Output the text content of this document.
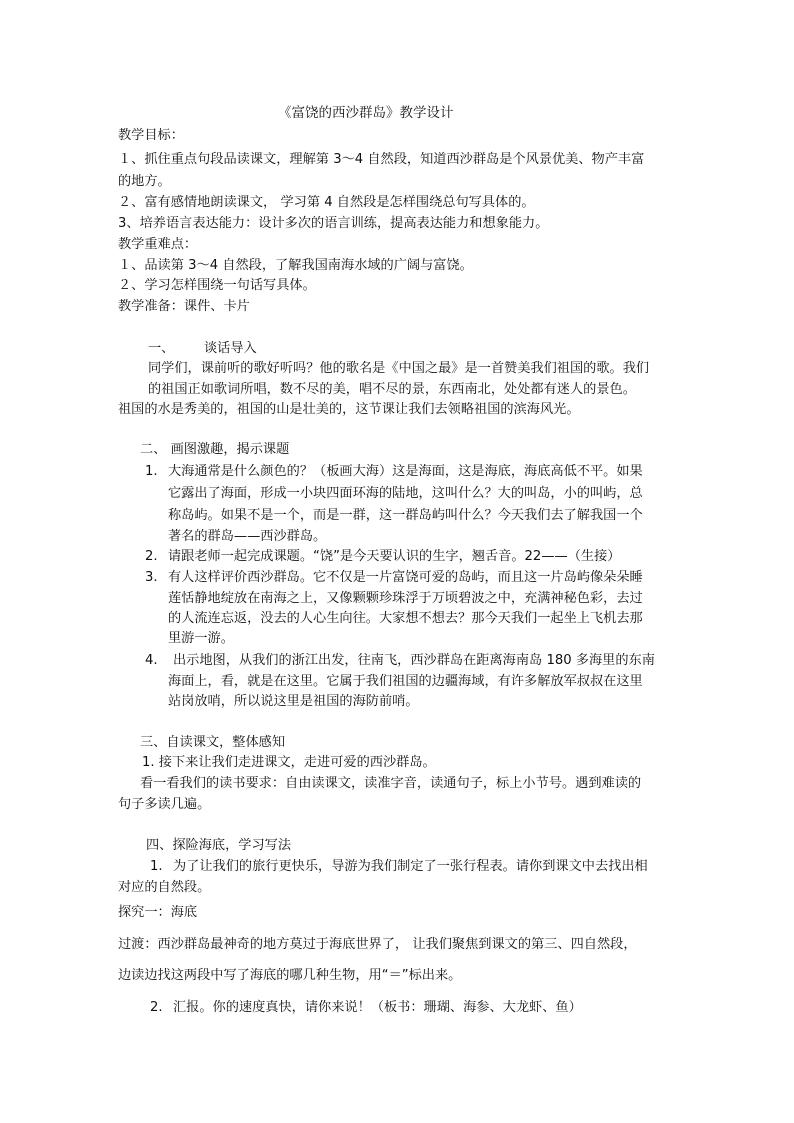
《富饶的西沙群岛》教学设计
教学目标：
１、抓住重点句段品读课文，理解第 3～4 自然段，知道西沙群岛是个风景优美、物产丰富
的地方。
２、富有感情地朗读课文， 学习第 4 自然段是怎样围绕总句写具体的。
3、培养语言表达能力：设计多次的语言训练，提高表达能力和想象能力。
教学重难点：
１、品读第 3～4 自然段，了解我国南海水域的广阔与富饶。
２、学习怎样围绕一句话写具体。
教学准备：课件、卡片
一、 谈话导入
同学们，课前听的歌好听吗？他的歌名是《中国之最》是一首赞美我们祖国的歌。我们
的祖国正如歌词所唱，数不尽的美，唱不尽的景，东西南北，处处都有迷人的景色。
祖国的水是秀美的，祖国的山是壮美的，这节课让我们去领略祖国的滨海风光。
二、 画图激趣，揭示课题
1. 大海通常是什么颜色的？（板画大海）这是海面，这是海底，海底高低不平。如果
它露出了海面，形成一小块四面环海的陆地，这叫什么？大的叫岛，小的叫屿，总
称岛屿。如果不是一个，而是一群，这一群岛屿叫什么？今天我们去了解我国一个
著名的群岛——西沙群岛。
2. 请跟老师一起完成课题。“饶”是今天要认识的生字，翘舌音。22——（生接）
3. 有人这样评价西沙群岛。它不仅是一片富饶可爱的岛屿，而且这一片岛屿像朵朵睡
莲恬静地绽放在南海之上，又像颗颗珍珠浮于万顷碧波之中，充满神秘色彩，去过
的人流连忘返，没去的人心生向往。大家想不想去？那今天我们一起坐上飞机去那
里游一游。
4. 出示地图，从我们的浙江出发，往南飞，西沙群岛在距离海南岛 180 多海里的东南
海面上，看，就是在这里。它属于我们祖国的边疆海域，有许多解放军叔叔在这里
站岗放哨，所以说这里是祖国的海防前哨。
三、自读课文，整体感知
1. 接下来让我们走进课文，走进可爱的西沙群岛。
看一看我们的读书要求：自由读课文，读准字音，读通句子，标上小节号。遇到难读的
句子多读几遍。
四、探险海底，学习写法
1. 为了让我们的旅行更快乐，导游为我们制定了一张行程表。请你到课文中去找出相
对应的自然段。
探究一：海底
过渡：西沙群岛最神奇的地方莫过于海底世界了， 让我们聚焦到课文的第三、四自然段，
边读边找这两段中写了海底的哪几种生物，用“＝”标出来。
2. 汇报。你的速度真快，请你来说！（板书：珊瑚、海参、大龙虾、鱼）
